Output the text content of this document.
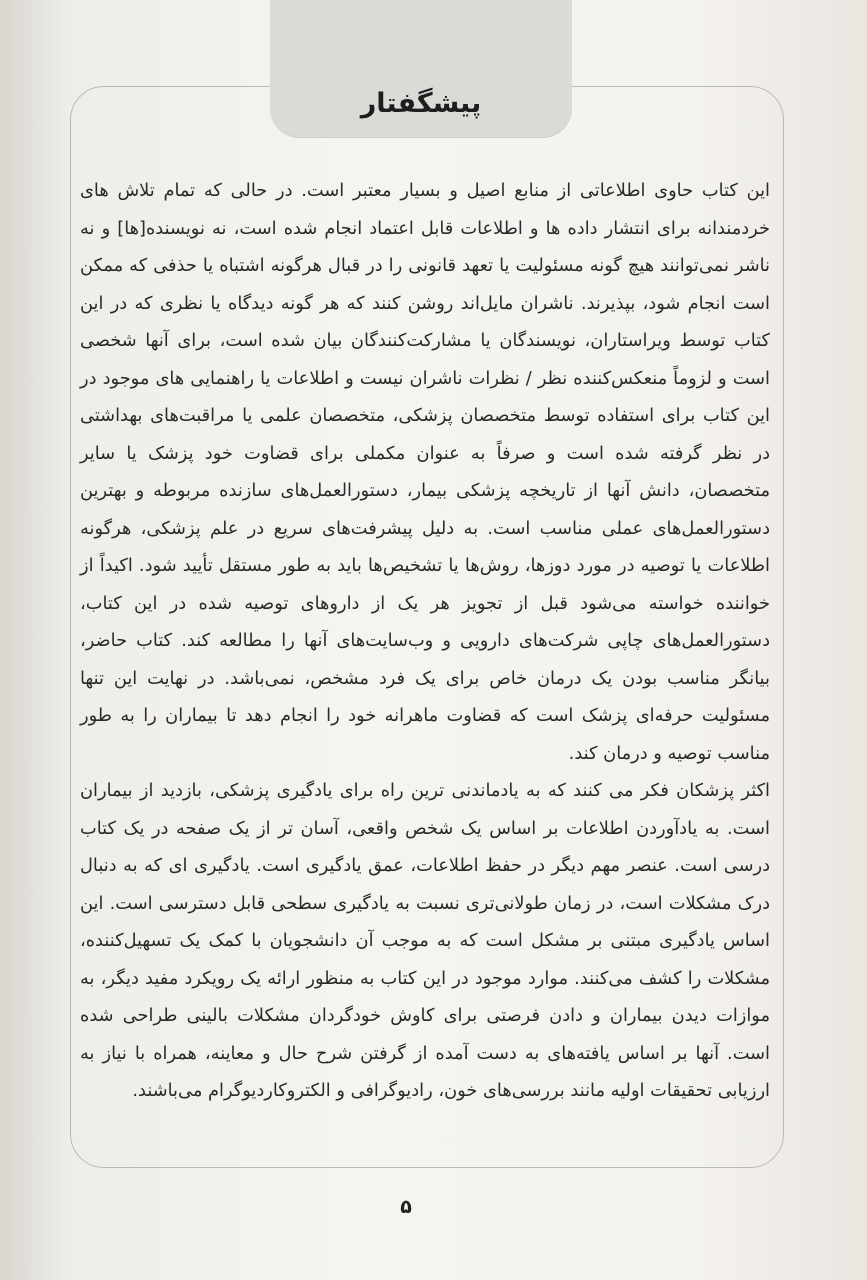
پیشگفتار

این کتاب حاوی اطلاعاتی از منابع اصیل و بسیار معتبر است. در حالی که تمام تلاش های خردمندانه برای انتشار داده ها و اطلاعات قابل اعتماد انجام شده است، نه نویسنده[ها] و نه ناشر نمی‌توانند هیچ گونه مسئولیت یا تعهد قانونی را در قبال هرگونه اشتباه یا حذفی که ممکن است انجام شود، بپذیرند. ناشران مایل‌اند روشن کنند که هر گونه دیدگاه یا نظری که در این کتاب توسط ویراستاران، نویسندگان یا مشارکت‌کنندگان بیان شده است، برای آنها شخصی است و لزوماً منعکس‌کننده نظر / نظرات ناشران نیست و اطلاعات یا راهنمایی های موجود در این کتاب برای استفاده توسط متخصصان پزشکی، متخصصان علمی یا مراقبت‌های بهداشتی در نظر گرفته شده است و صرفاً به عنوان مکملی برای قضاوت خود پزشک یا سایر متخصصان، دانش آنها از تاریخچه پزشکی بیمار، دستورالعمل‌های سازنده مربوطه و بهترین دستورالعمل‌های عملی مناسب است. به دلیل پیشرفت‌های سریع در علم پزشکی، هرگونه اطلاعات یا توصیه در مورد دوزها، روش‌ها یا تشخیص‌ها باید به طور مستقل تأیید شود. اکیداً از خواننده خواسته می‌شود قبل از تجویز هر یک از داروهای توصیه شده در این کتاب، دستورالعمل‌های چاپی شرکت‌های دارویی و وب‌سایت‌های آنها را مطالعه کند. کتاب حاضر، بیانگر مناسب بودن یک درمان خاص برای یک فرد مشخص، نمی‌باشد. در نهایت این تنها مسئولیت حرفه‌ای پزشک است که قضاوت ماهرانه خود را انجام دهد تا بیماران را به طور مناسب توصیه و درمان کند.

اکثر پزشکان فکر می کنند که به یادماندنی ترین راه برای یادگیری پزشکی، بازدید از بیماران است. به یادآوردن اطلاعات بر اساس یک شخص واقعی، آسان تر از یک صفحه در یک کتاب درسی است. عنصر مهم دیگر در حفظ اطلاعات، عمق یادگیری است. یادگیری ای که به دنبال درک مشکلات است، در زمان طولانی‌تری نسبت به یادگیری سطحی قابل دسترسی است. این اساس یادگیری مبتنی بر مشکل است که به موجب آن دانشجویان با کمک یک تسهیل‌کننده، مشکلات را کشف می‌کنند. موارد موجود در این کتاب به منظور ارائه یک رویکرد مفید دیگر، به موازات دیدن بیماران و دادن فرصتی برای کاوش خودگردان مشکلات بالینی طراحی شده است. آنها بر اساس یافته‌های به دست آمده از گرفتن شرح حال و معاینه، همراه با نیاز به ارزیابی تحقیقات اولیه مانند بررسی‌های خون، رادیوگرافی و الکتروکاردیوگرام می‌باشند.

۵
